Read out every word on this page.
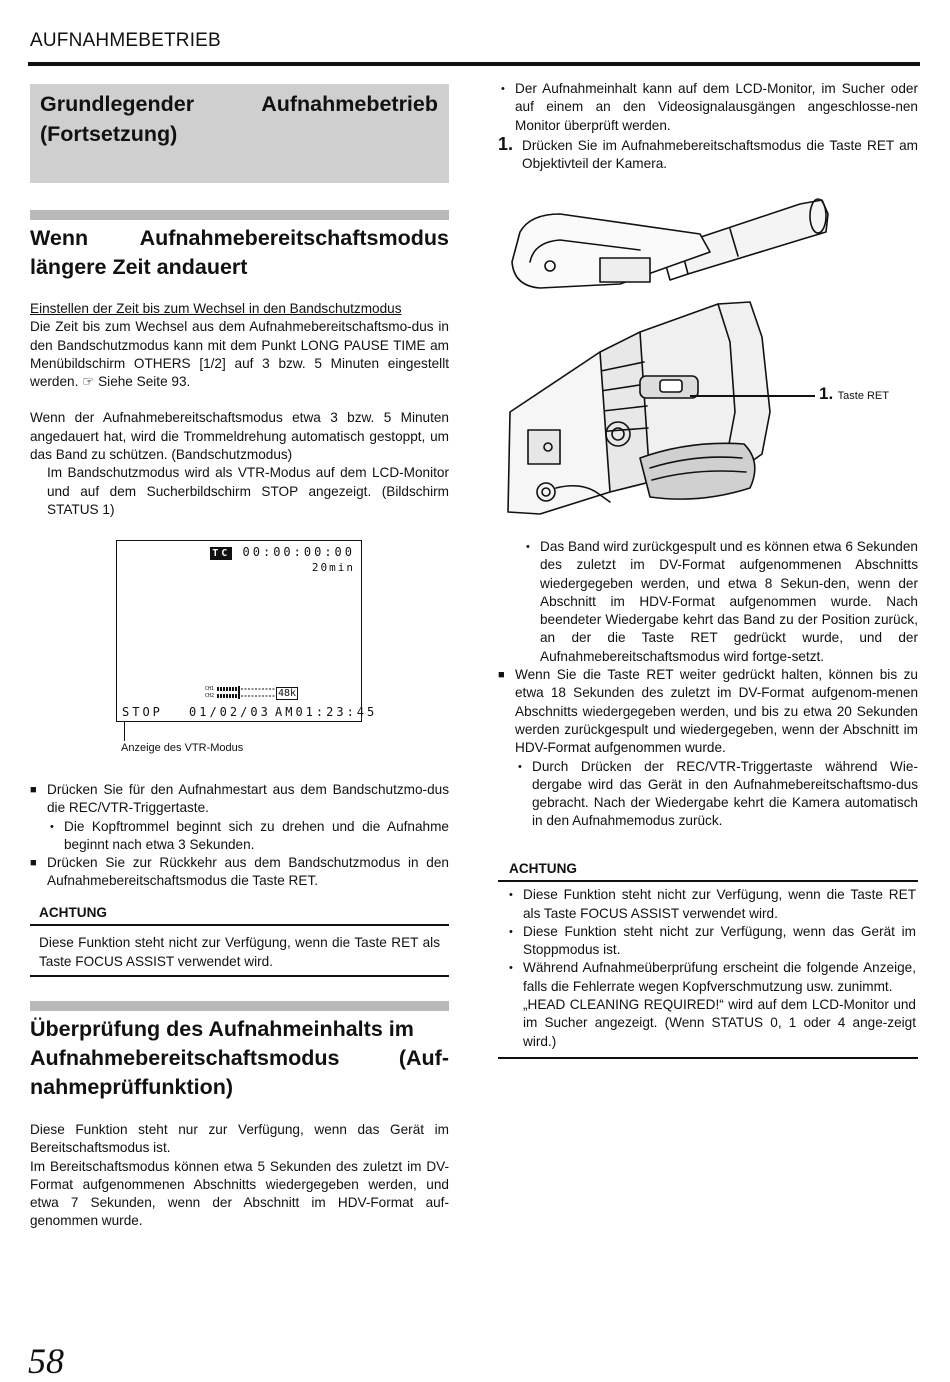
AUFNAHMEBETRIEB
Grundlegender Aufnahmebetrieb
(Fortsetzung)
Wenn Aufnahmebereitschaftsmodus
längere Zeit andauert

Einstellen der Zeit bis zum Wechsel in den Bandschutzmodus

Die Zeit bis zum Wechsel aus dem Aufnahmebereitschaftsmo-dus in den Bandschutzmodus kann mit dem Punkt LONG PAUSE TIME am Menübildschirm OTHERS [1/2] auf 3 bzw. 5 Minuten eingestellt werden. ☞ Siehe Seite 93.

Wenn der Aufnahmebereitschaftsmodus etwa 3 bzw. 5 Minuten angedauert hat, wird die Trommeldrehung automatisch gestoppt, um das Band zu schützen. (Bandschutzmodus)

Im Bandschutzmodus wird als VTR-Modus auf dem LCD-Monitor und auf dem Sucherbildschirm STOP angezeigt. (Bildschirm STATUS 1)

TC 00:00:00:00
20min
CH1
CH2	48k
STOP 01/02/03 AM01:23:45
Anzeige des VTR-Modus

■ Drücken Sie für den Aufnahmestart aus dem Bandschutzmo-dus die REC/VTR-Triggertaste.

• Die Kopftrommel beginnt sich zu drehen und die Aufnahme beginnt nach etwa 3 Sekunden.

■ Drücken Sie zur Rückkehr aus dem Bandschutzmodus in den Aufnahmebereitschaftsmodus die Taste RET.

ACHTUNG

Diese Funktion steht nicht zur Verfügung, wenn die Taste RET als Taste FOCUS ASSIST verwendet wird.

Überprüfung des Aufnahmeinhalts im
Aufnahmebereitschaftsmodus (Auf-
nahmeprüffunktion)

Diese Funktion steht nur zur Verfügung, wenn das Gerät im Bereitschaftsmodus ist.

Im Bereitschaftsmodus können etwa 5 Sekunden des zuletzt im DV-Format aufgenommenen Abschnitts wiedergegeben werden, und etwa 7 Sekunden, wenn der Abschnitt im HDV-Format auf-genommen wurde.

• Der Aufnahmeinhalt kann auf dem LCD-Monitor, im Sucher oder auf einem an den Videosignalausgängen angeschlosse-nen Monitor überprüft werden.

1. Drücken Sie im Aufnahmebereitschaftsmodus die Taste RET am Objektivteil der Kamera.
1. Taste RET

• Das Band wird zurückgespult und es können etwa 6 Sekunden des zuletzt im DV-Format aufgenommenen Abschnitts wiedergegeben werden, und etwa 8 Sekun-den, wenn der Abschnitt im HDV-Format aufgenommen wurde. Nach beendeter Wiedergabe kehrt das Band zu der Position zurück, an der die Taste RET gedrückt wurde, und der Aufnahmebereitschaftsmodus wird fortge-setzt.

■ Wenn Sie die Taste RET weiter gedrückt halten, können bis zu etwa 18 Sekunden des zuletzt im DV-Format aufgenom-menen Abschnitts wiedergegeben werden, und bis zu etwa 20 Sekunden werden zurückgespult und wiedergegeben, wenn der Abschnitt im HDV-Format aufgenommen wurde.

• Durch Drücken der REC/VTR-Triggertaste während Wie-dergabe wird das Gerät in den Aufnahmebereitschaftsmo-dus gebracht. Nach der Wiedergabe kehrt die Kamera automatisch in den Aufnahmemodus zurück.

ACHTUNG

• Diese Funktion steht nicht zur Verfügung, wenn die Taste RET als Taste FOCUS ASSIST verwendet wird.

• Diese Funktion steht nicht zur Verfügung, wenn das Gerät im Stoppmodus ist.

• Während Aufnahmeüberprüfung erscheint die folgende Anzeige, falls die Fehlerrate wegen Kopfverschmutzung usw. zunimmt.

„HEAD CLEANING REQUIRED!“ wird auf dem LCD-Monitor und im Sucher angezeigt. (Wenn STATUS 0, 1 oder 4 ange-zeigt wird.)

58
